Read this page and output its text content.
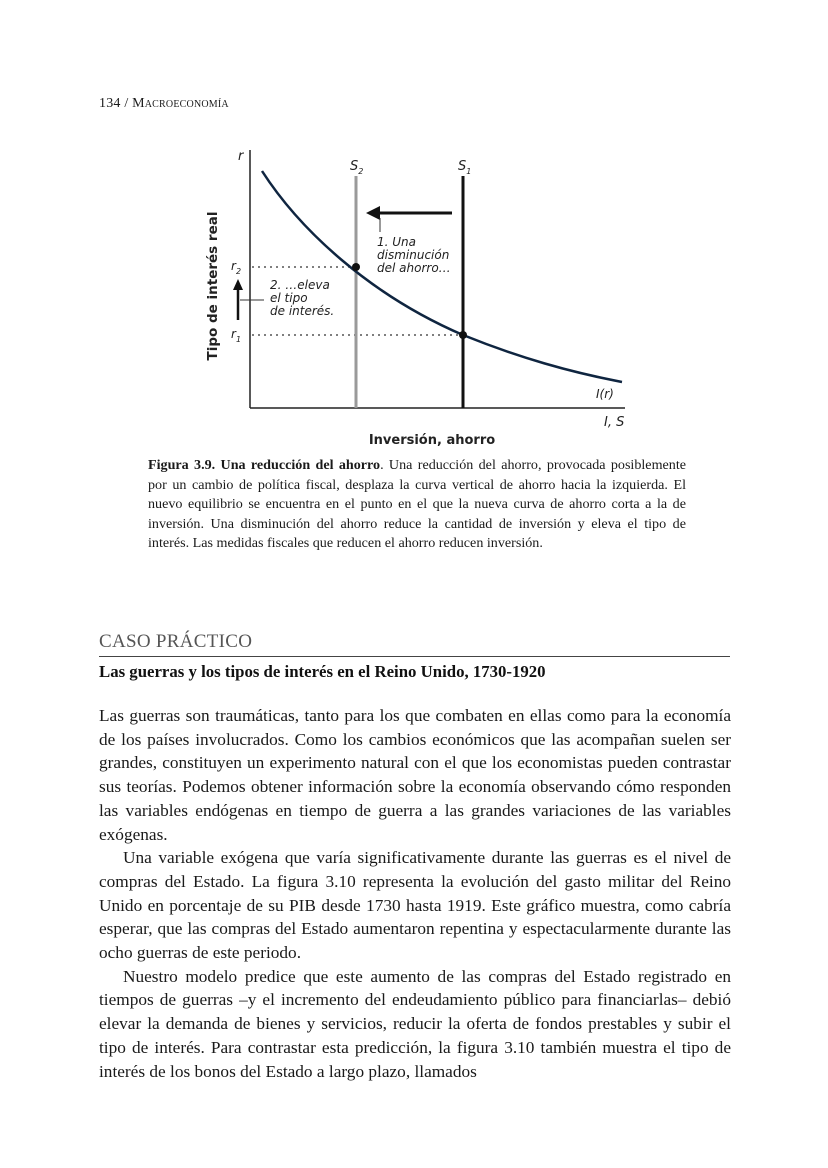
134 / Macroeconomía
r
I, S
Inversión, ahorro
Tipo de interés real $r_2$
$r_1$
$S_2$	$S_1$
I(r)
1. Una disminución del ahorro…
2. …eleva el tipo de interés.
Figura 3.9. Una reducción del ahorro. Una reducción del ahorro, provocada posiblemente por un cambio de política fiscal, desplaza la curva vertical de ahorro hacia la izquierda. El nuevo equilibrio se encuentra en el punto en el que la nueva curva de ahorro corta a la de inversión. Una disminución del ahorro reduce la cantidad de inversión y eleva el tipo de interés. Las medidas fiscales que reducen el ahorro reducen inversión.
CASO PRÁCTICO
Las guerras y los tipos de interés en el Reino Unido, 1730-1920

Las guerras son traumáticas, tanto para los que combaten en ellas como para la economía de los países involucrados. Como los cambios económicos que las acompañan suelen ser grandes, constituyen un experimento natural con el que los economistas pueden contrastar sus teorías. Podemos obtener información sobre la economía observando cómo responden las variables endógenas en tiempo de guerra a las grandes variaciones de las variables exógenas.

Una variable exógena que varía significativamente durante las guerras es el nivel de compras del Estado. La figura 3.10 representa la evolución del gasto militar del Reino Unido en porcentaje de su PIB desde 1730 hasta 1919. Este gráfico muestra, como cabría esperar, que las compras del Estado aumentaron repentina y espectacularmente durante las ocho guerras de este periodo.

Nuestro modelo predice que este aumento de las compras del Estado registrado en tiempos de guerras –y el incremento del endeudamiento público para financiarlas– debió elevar la demanda de bienes y servicios, reducir la oferta de fondos prestables y subir el tipo de interés. Para contrastar esta predicción, la figura 3.10 también muestra el tipo de interés de los bonos del Estado a largo plazo, llamados
